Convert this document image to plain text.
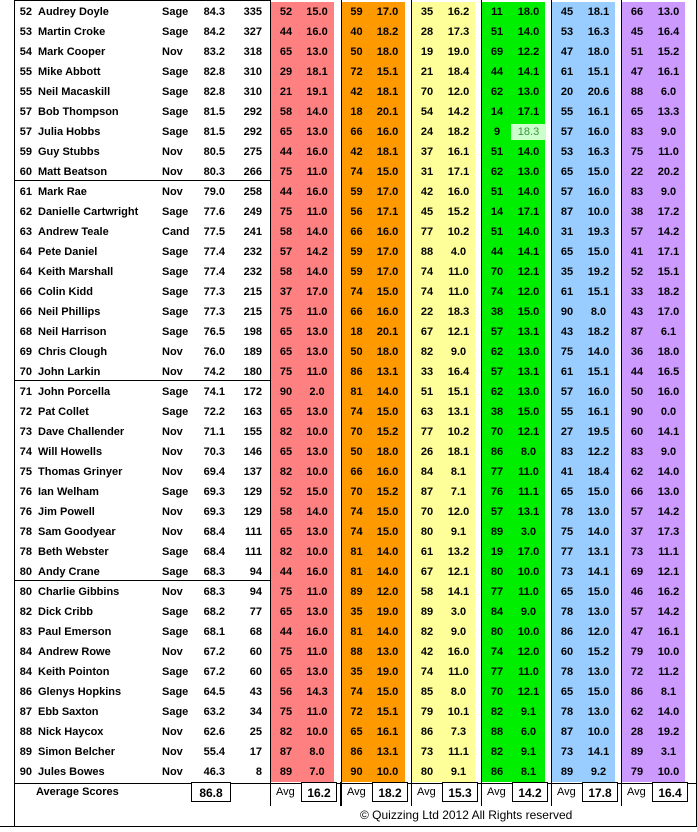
52 Audrey Doyle	Sage	84.3	335	52	15.0	59	17.0	35	16.2	11	18.0	45	18.1	66	13.0
53 Martin Croke	Sage	84.2	327	44	16.0	40	18.2	28	17.3	51	14.0	53	16.3	45	16.4
54 Mark Cooper	Nov	83.2	318	65	13.0	50	18.0	19	19.0	69	12.2	47	18.0	51	15.2
55 Mike Abbott	Sage	82.8	310	29	18.1	72	15.1	21	18.4	44	14.1	61	15.1	47	16.1
55 Neil Macaskill	Sage	82.8	310	21	19.1	42	18.1	70	12.0	62	13.0	20	20.6	88	6.0
57 Bob Thompson	Sage	81.5	292	58	14.0	18	20.1	54	14.2	14	17.1	55	16.1	65	13.3
57 Julia Hobbs	Sage	81.5	292	65	13.0	66	16.0	24	18.2	9	18.3	57	16.0	83	9.0
59 Guy Stubbs	Nov	80.5	275	44	16.0	42	18.1	37	16.1	51	14.0	53	16.3	75	11.0
60 Matt Beatson	Nov	80.3	266	75	11.0	74	15.0	31	17.1	62	13.0	65	15.0	22	20.2
61 Mark Rae	Nov	79.0	258	44	16.0	59	17.0	42	16.0	51	14.0	57	16.0	83	9.0
62 Danielle Cartwright	Sage	77.6	249	75	11.0	56	17.1	45	15.2	14	17.1	87	10.0	38	17.2
63 Andrew Teale	Cand	77.5	241	58	14.0	66	16.0	77	10.2	51	14.0	31	19.3	57	14.2
64 Pete Daniel	Sage	77.4	232	57	14.2	59	17.0	88	4.0	44	14.1	65	15.0	41	17.1
64 Keith Marshall	Sage	77.4	232	58	14.0	59	17.0	74	11.0	70	12.1	35	19.2	52	15.1
66 Colin Kidd	Sage	77.3	215	37	17.0	74	15.0	74	11.0	74	12.0	61	15.1	33	18.2
66 Neil Phillips	Sage	77.3	215	75	11.0	66	16.0	22	18.3	38	15.0	90	8.0	43	17.0
68 Neil Harrison	Sage	76.5	198	65	13.0	18	20.1	67	12.1	57	13.1	43	18.2	87	6.1
69 Chris Clough	Nov	76.0	189	65	13.0	50	18.0	82	9.0	62	13.0	75	14.0	36	18.0
70 John Larkin	Nov	74.2	180	75	11.0	86	13.1	33	16.4	57	13.1	61	15.1	44	16.5
71 John Porcella	Sage	74.1	172	90	2.0	81	14.0	51	15.1	62	13.0	57	16.0	50	16.0
72 Pat Collet	Sage	72.2	163	65	13.0	74	15.0	63	13.1	38	15.0	55	16.1	90	0.0
73 Dave Challender	Nov	71.1	155	82	10.0	70	15.2	77	10.2	70	12.1	27	19.5	60	14.1
74 Will Howells	Nov	70.3	146	65	13.0	50	18.0	26	18.1	86	8.0	83	12.2	83	9.0
75 Thomas Grinyer	Nov	69.4	137	82	10.0	66	16.0	84	8.1	77	11.0	41	18.4	62	14.0
76 Ian Welham	Sage	69.3	129	52	15.0	70	15.2	87	7.1	76	11.1	65	15.0	66	13.0
76 Jim Powell	Nov	69.3	129	58	14.0	74	15.0	70	12.0	57	13.1	78	13.0	57	14.2
78 Sam Goodyear	Nov	68.4	111	65	13.0	74	15.0	80	9.1	89	3.0	75	14.0	37	17.3
78 Beth Webster	Sage	68.4	111	82	10.0	81	14.0	61	13.2	19	17.0	77	13.1	73	11.1
80 Andy Crane	Sage	68.3	94	44	16.0	81	14.0	67	12.1	80	10.0	73	14.1	69	12.1
80 Charlie Gibbins	Nov	68.3	94	75	11.0	89	12.0	58	14.1	77	11.0	65	15.0	46	16.2
82 Dick Cribb	Sage	68.2	77	65	13.0	35	19.0	89	3.0	84	9.0	78	13.0	57	14.2
83 Paul Emerson	Sage	68.1	68	44	16.0	81	14.0	82	9.0	80	10.0	86	12.0	47	16.1
84 Andrew Rowe	Nov	67.2	60	75	11.0	88	13.0	42	16.0	74	12.0	60	15.2	79	10.0
84 Keith Pointon	Sage	67.2	60	65	13.0	35	19.0	74	11.0	77	11.0	78	13.0	72	11.2
86 Glenys Hopkins	Sage	64.5	43	56	14.3	74	15.0	85	8.0	70	12.1	65	15.0	86	8.1
87 Ebb Saxton	Sage	63.2	34	75	11.0	72	15.1	79	10.1	82	9.1	78	13.0	62	14.0
88 Nick Haycox	Nov	62.6	25	82	10.0	65	16.1	86	7.3	88	6.0	87	10.0	28	19.2
89 Simon Belcher	Nov	55.4	17	87	8.0	86	13.1	73	11.1	82	9.1	73	14.1	89	3.1
90 Jules Bowes	Nov	46.3	8	89	7.0	90	10.0	80	9.1	86	8.1	89	9.2	79	10.0
Average Scores	86.8	Avg	16.2	Avg	18.2	Avg	15.3	Avg	14.2	Avg	17.8	Avg	16.4
© Quizzing Ltd 2012 All Rights reserved
